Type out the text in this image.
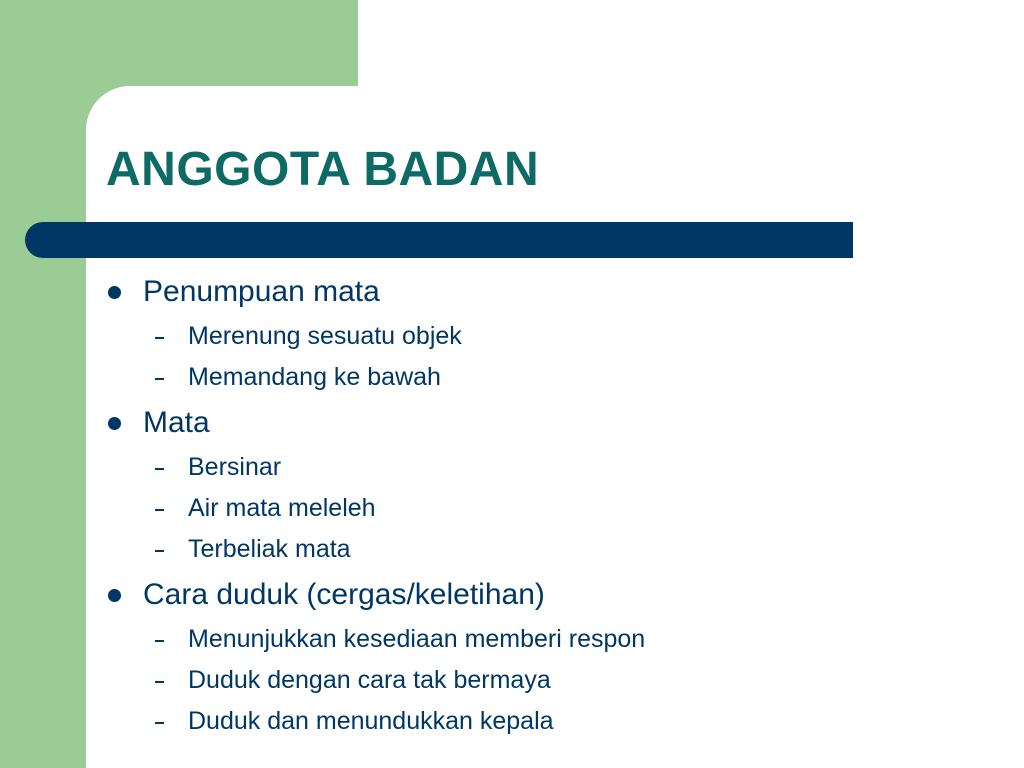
ANGGOTA BADAN
Penumpuan mata
Merenung sesuatu objek
Memandang ke bawah
Mata
Bersinar
Air mata meleleh
Terbeliak mata
Cara duduk (cergas/keletihan)
Menunjukkan kesediaan memberi respon
Duduk dengan cara tak bermaya
Duduk dan menundukkan kepala
